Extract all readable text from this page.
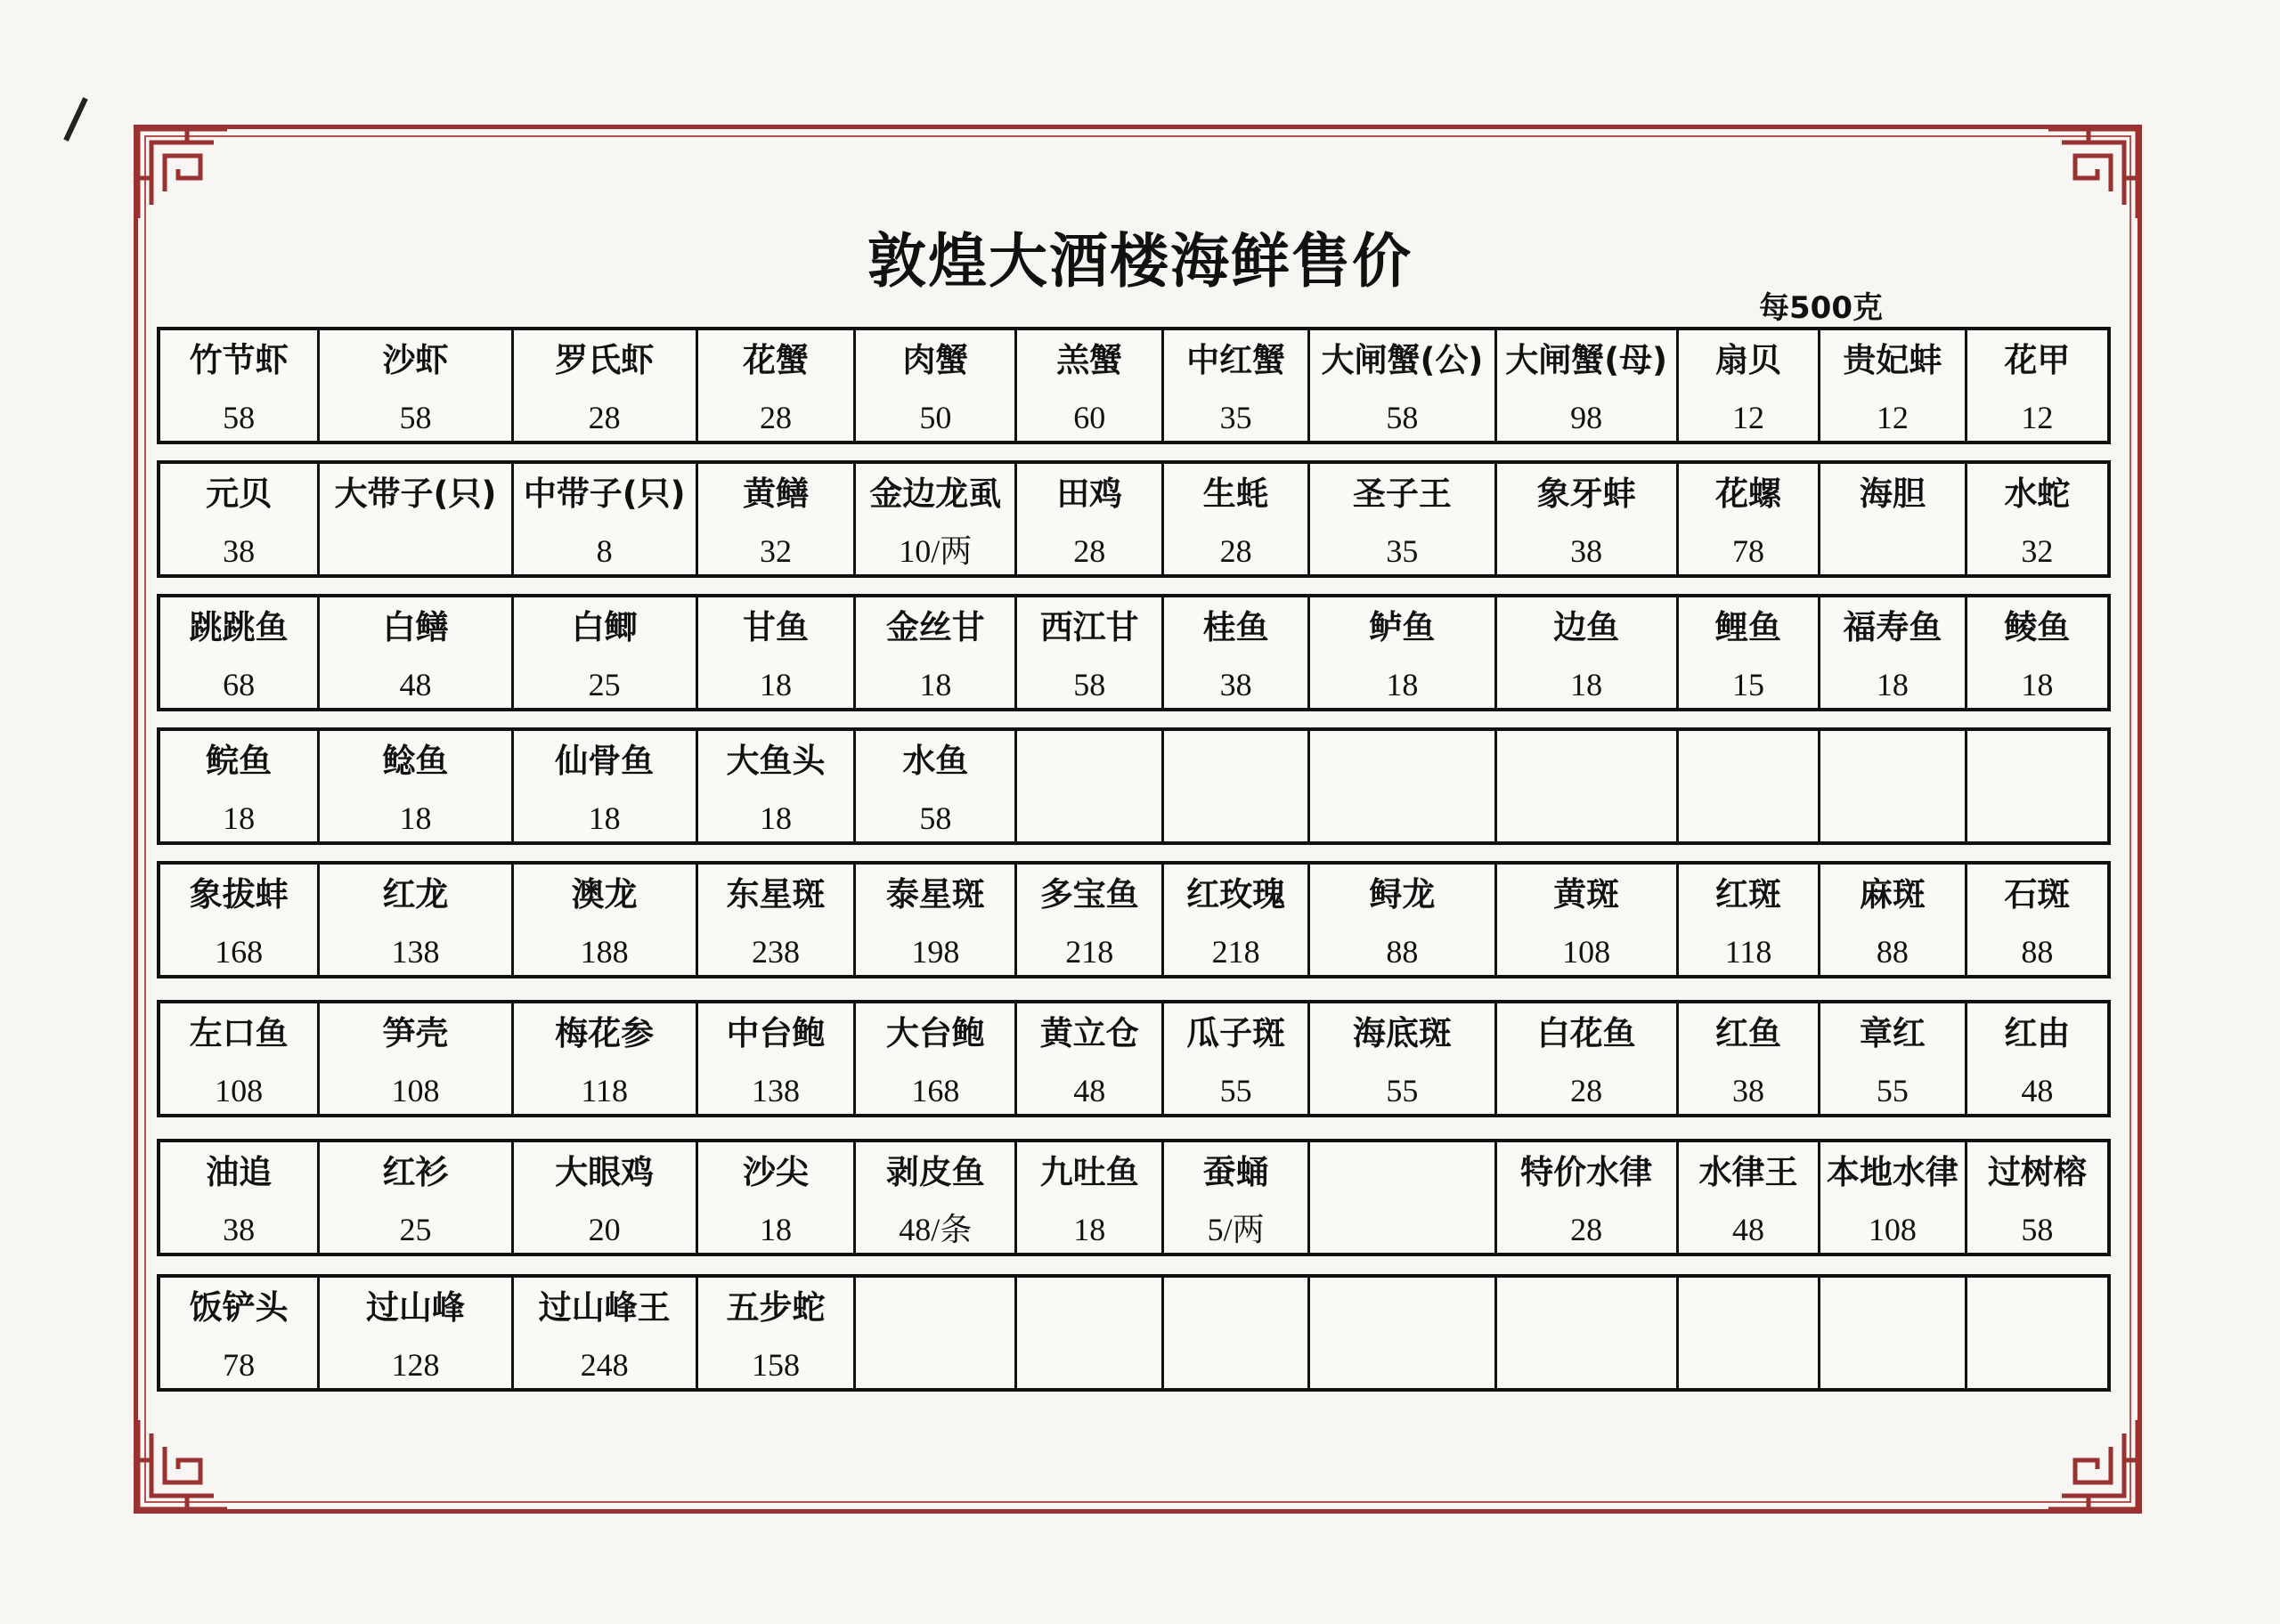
敦煌大酒楼海鲜售价
每500克
竹节虾
58
沙虾
58
罗氏虾
28
花蟹
28
肉蟹
50
羔蟹
60
中红蟹
35
大闸蟹(公)
58
大闸蟹(母)
98
扇贝
12
贵妃蚌
12
花甲
12
元贝
38
大带子(只) 中带子(只)
8
黄鳝
32
金边龙虱
10/两
田鸡
28
生蚝
28
圣子王
35
象牙蚌
38
花螺
78
海胆 水蛇
32
跳跳鱼
68
白鳝
48
白鲫
25
甘鱼
18
金丝甘
18
西江甘
58
桂鱼
38
鲈鱼
18
边鱼
18
鲤鱼
15
福寿鱼
18
鲮鱼
18
鲩鱼
18
鲶鱼
18
仙骨鱼
18
大鱼头
18
水鱼
58
象拔蚌
168
红龙
138
澳龙
188
东星斑
238
泰星斑
198
多宝鱼
218
红玫瑰
218
鲟龙
88
黄斑
108
红斑
118
麻斑
88
石斑
88
左口鱼
108
笋壳
108
梅花参
118
中台鲍
138
大台鲍
168
黄立仓
48
瓜子斑
55
海底斑
55
白花鱼
28
红鱼
38
章红
55
红由
48
油追
38
红衫
25
大眼鸡
20
沙尖
18
剥皮鱼
48/条
九吐鱼
18
蚕蛹
5/两
特价水律
28
水律王
48
本地水律
108
过树榕
58
饭铲头
78
过山峰
128
过山峰王
248
五步蛇
158
